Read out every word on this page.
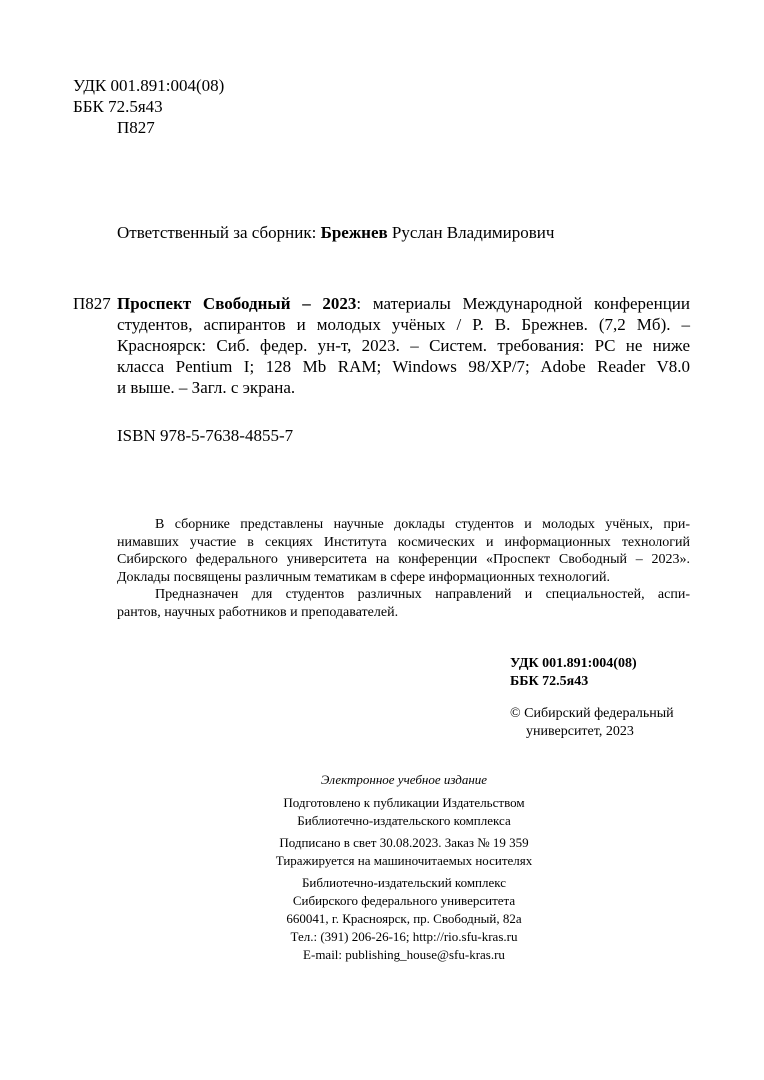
УДК 001.891:004(08)
ББК 72.5я43
П827
Ответственный за сборник: Брежнев Руслан Владимирович
П827 Проспект Свободный – 2023: материалы Международной конференции
студентов, аспирантов и молодых учёных / Р. В. Брежнев. (7,2 Мб). –
Красноярск: Сиб. федер. ун-т, 2023. – Систем. требования: PC не ниже
класса Pentium I; 128 Mb RAM; Windows 98/XP/7; Adobe Reader V8.0
и выше. – Загл. с экрана.
ISBN 978-5-7638-4855-7
В сборнике представлены научные доклады студентов и молодых учёных, при-
нимавших участие в секциях Института космических и информационных технологий
Сибирского федерального университета на конференции «Проспект Свободный – 2023».
Доклады посвящены различным тематикам в сфере информационных технологий.
Предназначен для студентов различных направлений и специальностей, аспи-
рантов, научных работников и преподавателей.
УДК 001.891:004(08)
ББК 72.5я43
© Сибирский федеральный
университет, 2023
Электронное учебное издание
Подготовлено к публикации Издательством
Библиотечно-издательского комплекса
Подписано в свет 30.08.2023. Заказ № 19 359
Тиражируется на машиночитаемых носителях
Библиотечно-издательский комплекс
Сибирского федерального университета
660041, г. Красноярск, пр. Свободный, 82а
Тел.: (391) 206-26-16; http://rio.sfu-kras.ru
E-mail: publishing_house@sfu-kras.ru
